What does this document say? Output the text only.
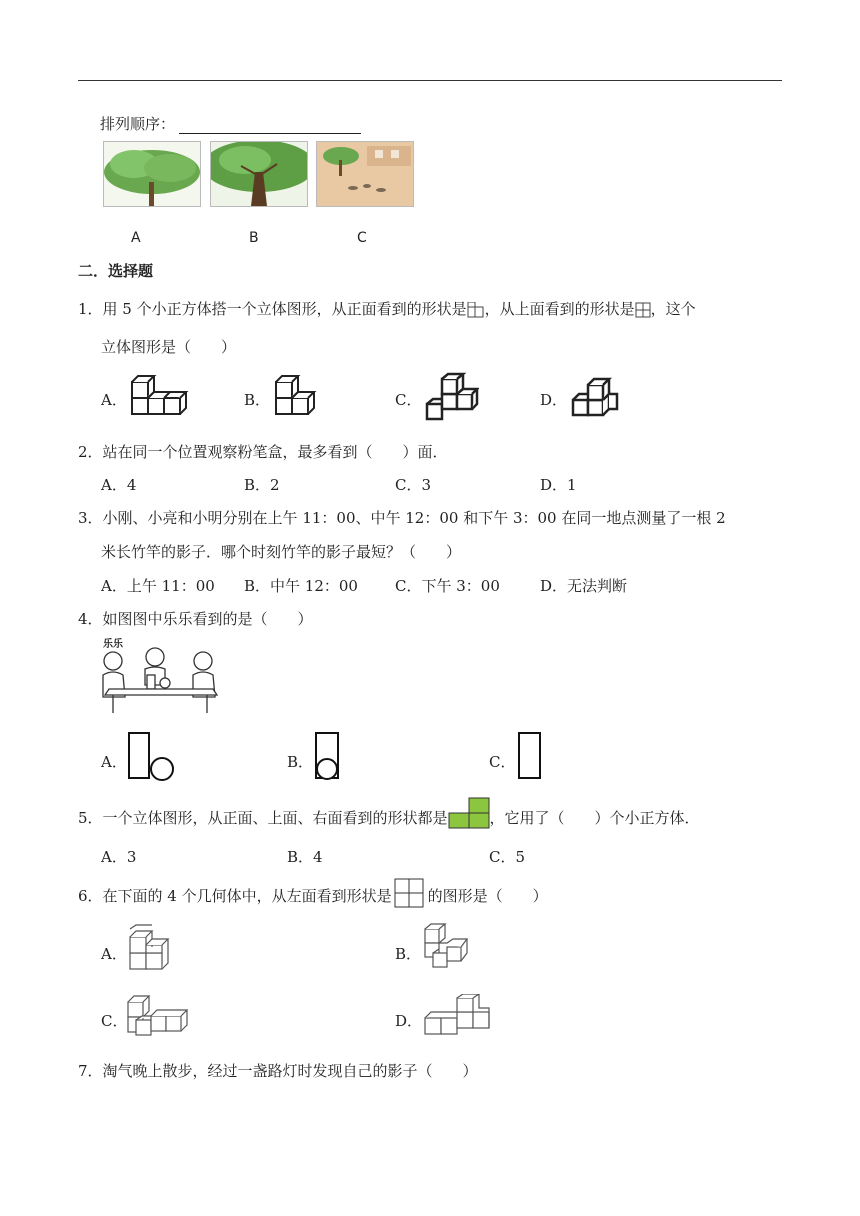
排列顺序：
A	B	C
二．选择题
1．用 5 个小正方体搭一个立体图形，从正面看到的形状是 ，从上面看到的形状是 ，这个
立体图形是（　　）
A．	B．	C．	D．
2．站在同一个位置观察粉笔盒，最多看到（　　）面．
A．4	B．2	C．3	D．1
3．小刚、小亮和小明分别在上午 11：00、中午 12：00 和下午 3：00 在同一地点测量了一根 2
米长竹竿的影子．哪个时刻竹竿的影子最短？（　　）
A．上午 11：00 B．中午 12：00 C．下午 3：00	D．无法判断
4．如图图中乐乐看到的是（　　）
乐乐
A．	B．	C．
5．一个立体图形，从正面、上面、右面看到的形状都是	，它用了（　　）个小正方体．
A．3	B．4	C．5
6．在下面的 4 个几何体中，从左面看到形状是 的图形是（　　）
A．	B．
C．	D．
7．淘气晚上散步，经过一盏路灯时发现自己的影子（　　）
